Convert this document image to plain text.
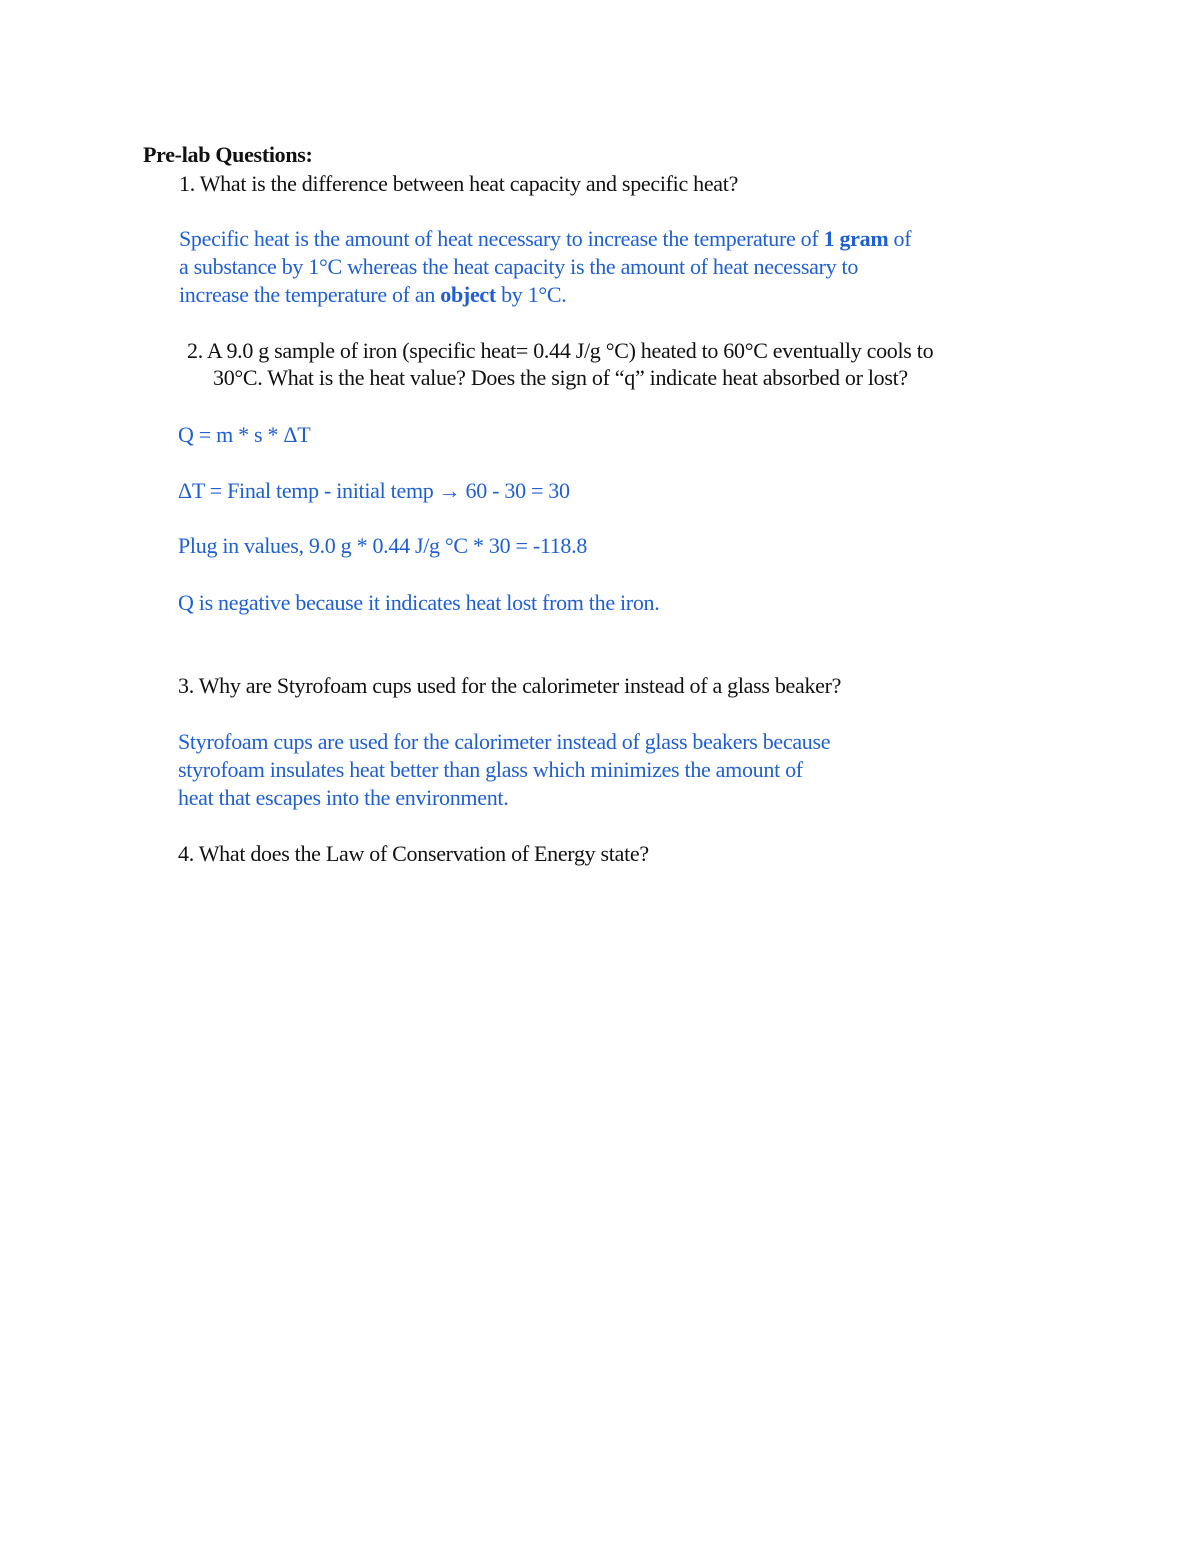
Pre-lab Questions:
1. What is the difference between heat capacity and specific heat?
Specific heat is the amount of heat necessary to increase the temperature of 1 gram of
a substance by 1°C whereas the heat capacity is the amount of heat necessary to
increase the temperature of an object by 1°C.
2. A 9.0 g sample of iron (specific heat= 0.44 J/g °C) heated to 60°C eventually cools to
30°C. What is the heat value? Does the sign of “q” indicate heat absorbed or lost?
Q = m * s * ΔT
ΔT = Final temp - initial temp → 60 - 30 = 30
Plug in values, 9.0 g * 0.44 J/g °C * 30 = -118.8
Q is negative because it indicates heat lost from the iron.
3. Why are Styrofoam cups used for the calorimeter instead of a glass beaker?
Styrofoam cups are used for the calorimeter instead of glass beakers because
styrofoam insulates heat better than glass which minimizes the amount of
heat that escapes into the environment.
4. What does the Law of Conservation of Energy state?
